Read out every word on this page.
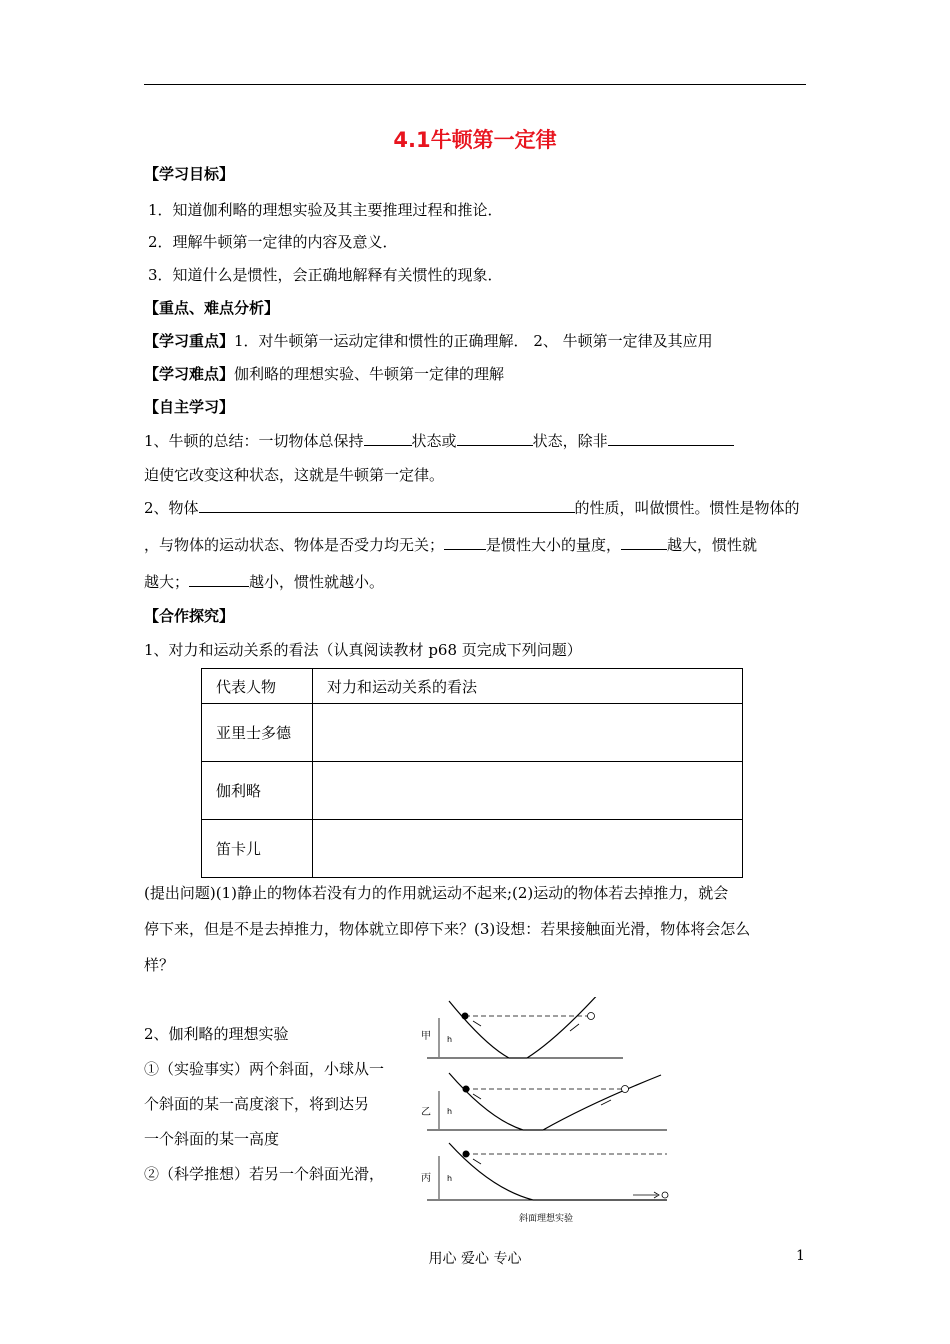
4.1牛顿第一定律
【学习目标】
1．知道伽利略的理想实验及其主要推理过程和推论．
2．理解牛顿第一定律的内容及意义．
3．知道什么是惯性，会正确地解释有关惯性的现象．
【重点、难点分析】
【学习重点】1．对牛顿第一运动定律和惯性的正确理解． 2、 牛顿第一定律及其应用
【学习难点】伽利略的理想实验、牛顿第一定律的理解
【自主学习】
1、牛顿的总结：一切物体总保持	状态或	状态，除非
迫使它改变这种状态，这就是牛顿第一定律。
2、物体	的性质，叫做惯性。惯性是物体的
，与物体的运动状态、物体是否受力均无关；	是惯性大小的量度，	越大，惯性就
越大；	越小，惯性就越小。
【合作探究】
1、对力和运动关系的看法（认真阅读教材 p68 页完成下列问题）
代表人物	对力和运动关系的看法
亚里士多德	
伽利略	
笛卡儿	
(提出问题)(1)静止的物体若没有力的作用就运动不起来;(2)运动的物体若去掉推力，就会
停下来，但是不是去掉推力，物体就立即停下来？(3)设想：若果接触面光滑，物体将会怎么
样？
2、伽利略的理想实验
①（实验事实）两个斜面，小球从一
个斜面的某一高度滚下，将到达另
一个斜面的某一高度
②（科学推想）若另一个斜面光滑，
h
甲
h
乙
h
丙
斜面理想实验
用心 爱心 专心	1
